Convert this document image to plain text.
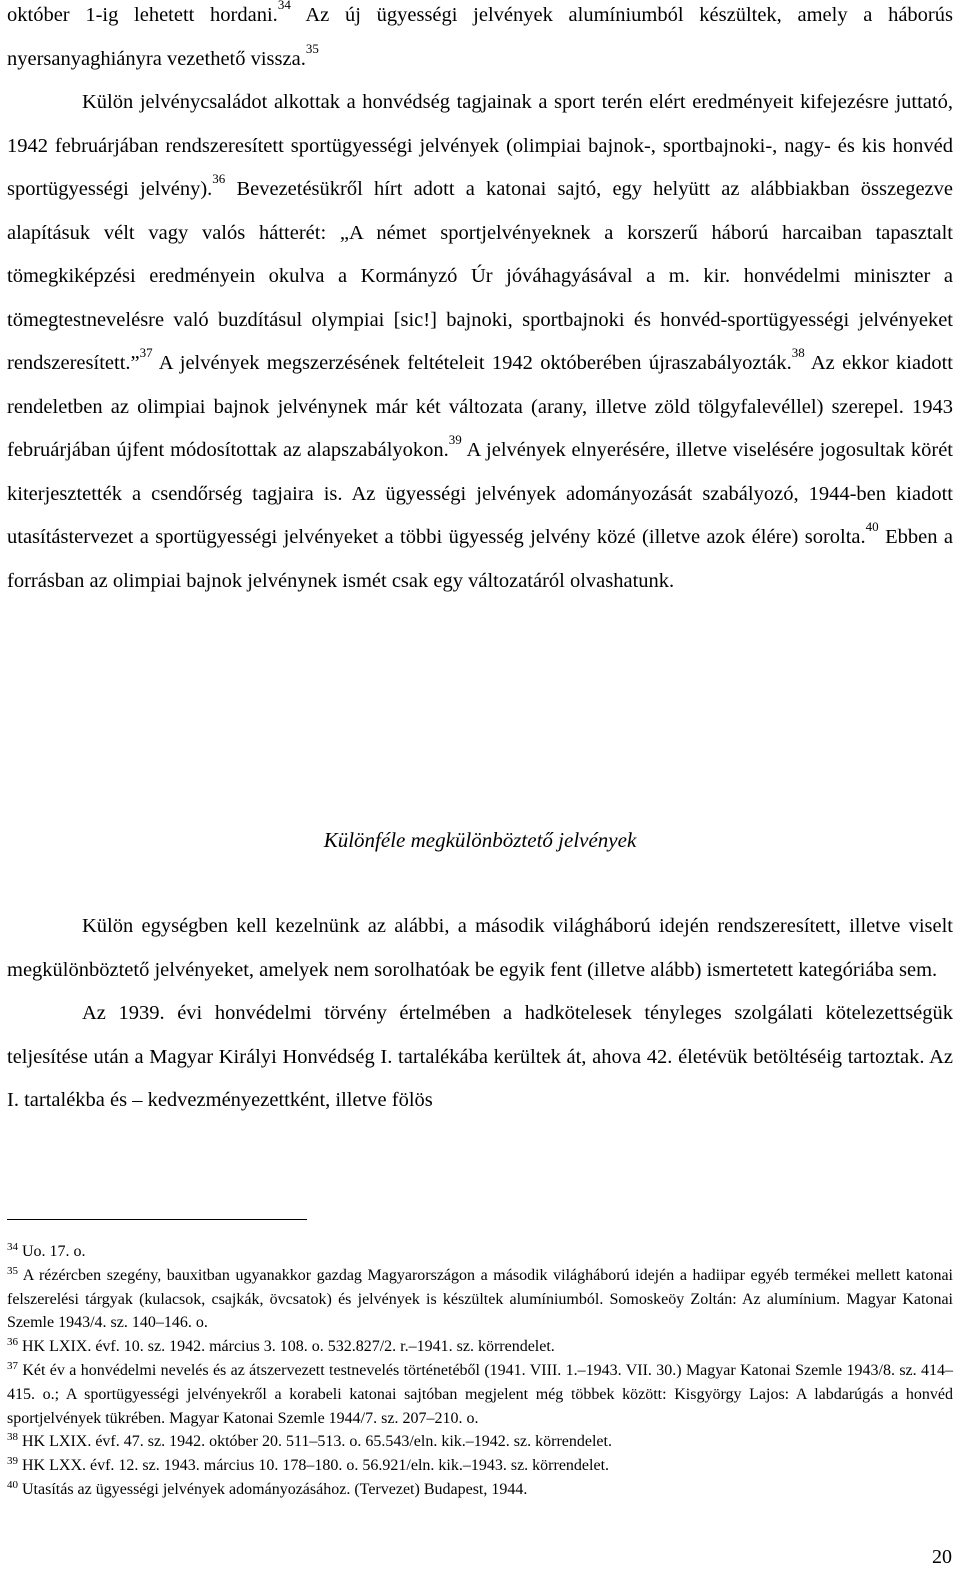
október 1-ig lehetett hordani.$^{34}$ Az új ügyességi jelvények alumíniumból készültek, amely a háborús nyersanyaghiányra vezethető vissza.$^{35}$

Külön jelvénycsaládot alkottak a honvédség tagjainak a sport terén elért eredményeit kifejezésre juttató, 1942 februárjában rendszeresített sportügyességi jelvények (olimpiai bajnok-, sportbajnoki-, nagy- és kis honvéd sportügyességi jelvény).$^{36}$ Bevezetésükről hírt adott a katonai sajtó, egy helyütt az alábbiakban összegezve alapításuk vélt vagy valós hátterét: „A német sportjelvényeknek a korszerű háború harcaiban tapasztalt tömegkiképzési eredményein okulva a Kormányzó Úr jóváhagyásával a m. kir. honvédelmi miniszter a tömegtestnevelésre való buzdításul olympiai [sic!] bajnoki, sportbajnoki és honvéd-sportügyességi jelvényeket rendszeresített.”$^{37}$ A jelvények megszerzésének feltételeit 1942 októberében újraszabályozták.$^{38}$ Az ekkor kiadott rendeletben az olimpiai bajnok jelvénynek már két változata (arany, illetve zöld tölgyfalevéllel) szerepel. 1943 februárjában újfent módosítottak az alapszabályokon.$^{39}$ A jelvények elnyerésére, illetve viselésére jogosultak körét kiterjesztették a csendőrség tagjaira is. Az ügyességi jelvények adományozását szabályozó, 1944-ben kiadott utasítástervezet a sportügyességi jelvényeket a többi ügyesség jelvény közé (illetve azok élére) sorolta.$^{40}$ Ebben a forrásban az olimpiai bajnok jelvénynek ismét csak egy változatáról olvashatunk.

Különféle megkülönböztető jelvények

Külön egységben kell kezelnünk az alábbi, a második világháború idején rendszeresített, illetve viselt megkülönböztető jelvényeket, amelyek nem sorolhatóak be egyik fent (illetve alább) ismertetett kategóriába sem.

Az 1939. évi honvédelmi törvény értelmében a hadkötelesek tényleges szolgálati kötelezettségük teljesítése után a Magyar Királyi Honvédség I. tartalékába kerültek át, ahova 42. életévük betöltéséig tartoztak. Az I. tartalékba és – kedvezményezettként, illetve fölös

$^{34}$ Uo. 17. o.

$^{35}$ A rézércben szegény, bauxitban ugyanakkor gazdag Magyarországon a második világháború idején a hadiipar egyéb termékei mellett katonai felszerelési tárgyak (kulacsok, csajkák, övcsatok) és jelvények is készültek alumíniumból. Somoskeöy Zoltán: Az alumínium. Magyar Katonai Szemle 1943/4. sz. 140–146. o.

$^{36}$ HK LXIX. évf. 10. sz. 1942. március 3. 108. o. 532.827/2. r.–1941. sz. körrendelet.

$^{37}$ Két év a honvédelmi nevelés és az átszervezett testnevelés történetéből (1941. VIII. 1.–1943. VII. 30.) Magyar Katonai Szemle 1943/8. sz. 414–415. o.; A sportügyességi jelvényekről a korabeli katonai sajtóban megjelent még többek között: Kisgyörgy Lajos: A labdarúgás a honvéd sportjelvények tükrében. Magyar Katonai Szemle 1944/7. sz. 207–210. o.

$^{38}$ HK LXIX. évf. 47. sz. 1942. október 20. 511–513. o. 65.543/eln. kik.–1942. sz. körrendelet.

$^{39}$ HK LXX. évf. 12. sz. 1943. március 10. 178–180. o. 56.921/eln. kik.–1943. sz. körrendelet.

$^{40}$ Utasítás az ügyességi jelvények adományozásához. (Tervezet) Budapest, 1944.

20
